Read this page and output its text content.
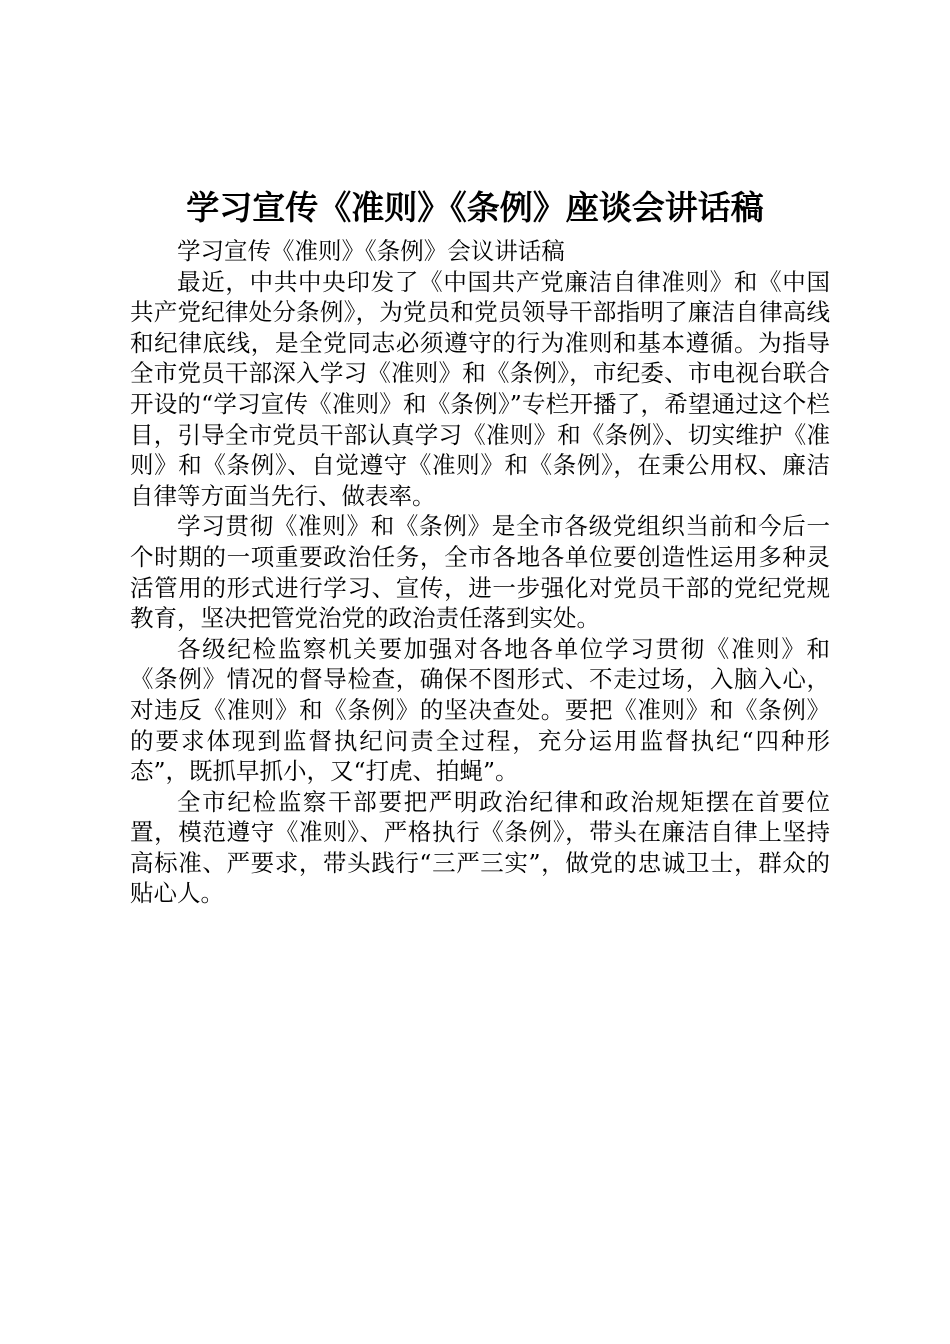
学习宣传《准则》《条例》座谈会讲话稿

学习宣传《准则》《条例》会议讲话稿

最近，中共中央印发了《中国共产党廉洁自律准则》和《中国共产党纪律处分条例》，为党员和党员领导干部指明了廉洁自律高线和纪律底线，是全党同志必须遵守的行为准则和基本遵循。为指导全市党员干部深入学习《准则》和《条例》，市纪委、市电视台联合开设的“学习宣传《准则》和《条例》”专栏开播了，希望通过这个栏目，引导全市党员干部认真学习《准则》和《条例》、切实维护《准则》和《条例》、自觉遵守《准则》和《条例》，在秉公用权、廉洁自律等方面当先行、做表率。

学习贯彻《准则》和《条例》是全市各级党组织当前和今后一个时期的一项重要政治任务，全市各地各单位要创造性运用多种灵活管用的形式进行学习、宣传，进一步强化对党员干部的党纪党规教育，坚决把管党治党的政治责任落到实处。

各级纪检监察机关要加强对各地各单位学习贯彻《准则》和《条例》情况的督导检查，确保不图形式、不走过场，入脑入心，对违反《准则》和《条例》的坚决查处。要把《准则》和《条例》的要求体现到监督执纪问责全过程，充分运用监督执纪“四种形态”，既抓早抓小，又“打虎、拍蝇”。

全市纪检监察干部要把严明政治纪律和政治规矩摆在首要位置，模范遵守《准则》、严格执行《条例》，带头在廉洁自律上坚持高标准、严要求，带头践行“三严三实”，做党的忠诚卫士，群众的贴心人。
